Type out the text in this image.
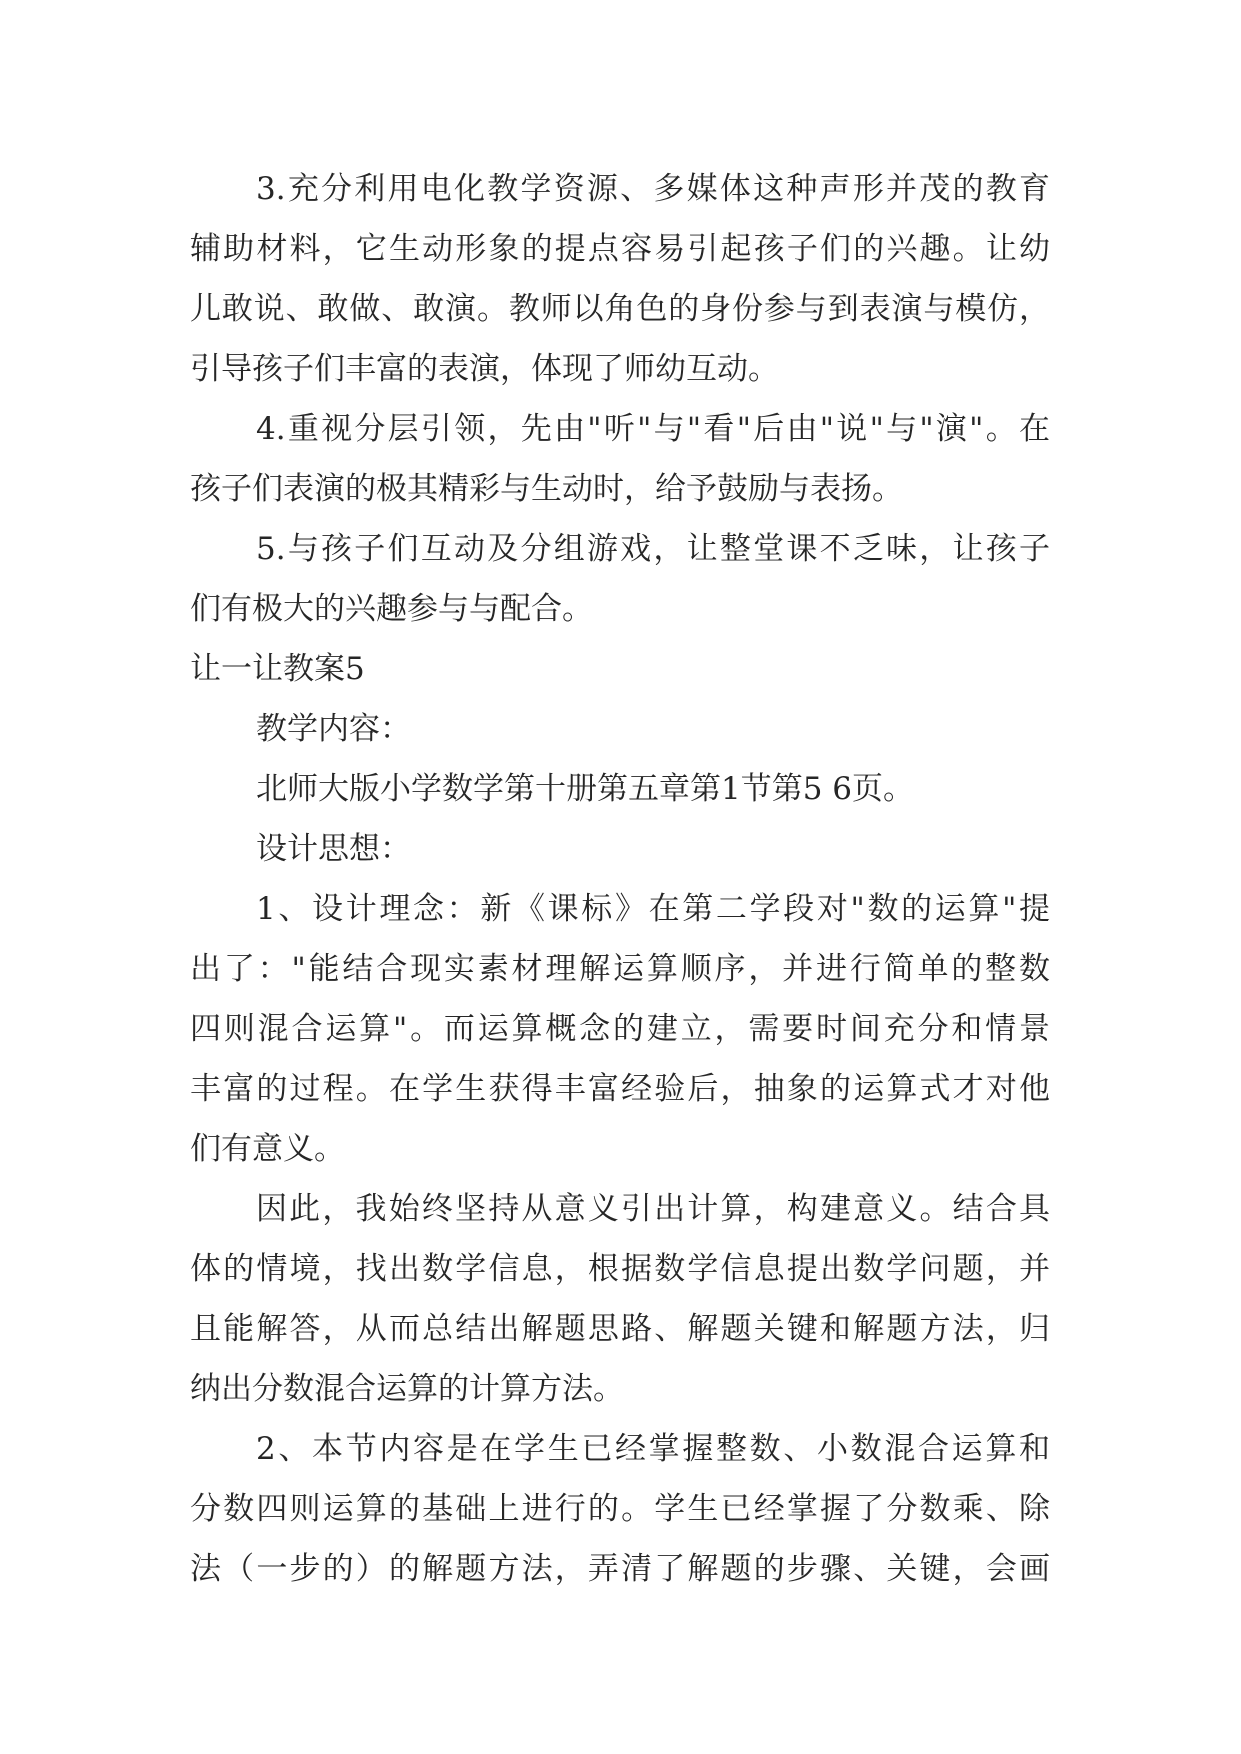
3.充分利用电化教学资源、多媒体这种声形并茂的教育
辅助材料，它生动形象的提点容易引起孩子们的兴趣。让幼
儿敢说、敢做、敢演。教师以角色的身份参与到表演与模仿，
引导孩子们丰富的表演，体现了师幼互动。
4.重视分层引领，先由"听"与"看"后由"说"与"演"。在
孩子们表演的极其精彩与生动时，给予鼓励与表扬。
5.与孩子们互动及分组游戏，让整堂课不乏味，让孩子
们有极大的兴趣参与与配合。
让一让教案5
教学内容：
北师大版小学数学第十册第五章第1节第5 6页。
设计思想：
1、设计理念：新《课标》在第二学段对"数的运算"提
出了："能结合现实素材理解运算顺序，并进行简单的整数
四则混合运算"。而运算概念的建立，需要时间充分和情景
丰富的过程。在学生获得丰富经验后，抽象的运算式才对他
们有意义。
因此，我始终坚持从意义引出计算，构建意义。结合具
体的情境，找出数学信息，根据数学信息提出数学问题，并
且能解答，从而总结出解题思路、解题关键和解题方法，归
纳出分数混合运算的计算方法。
2、本节内容是在学生已经掌握整数、小数混合运算和
分数四则运算的基础上进行的。学生已经掌握了分数乘、除
法（一步的）的解题方法，弄清了解题的步骤、关键，会画
